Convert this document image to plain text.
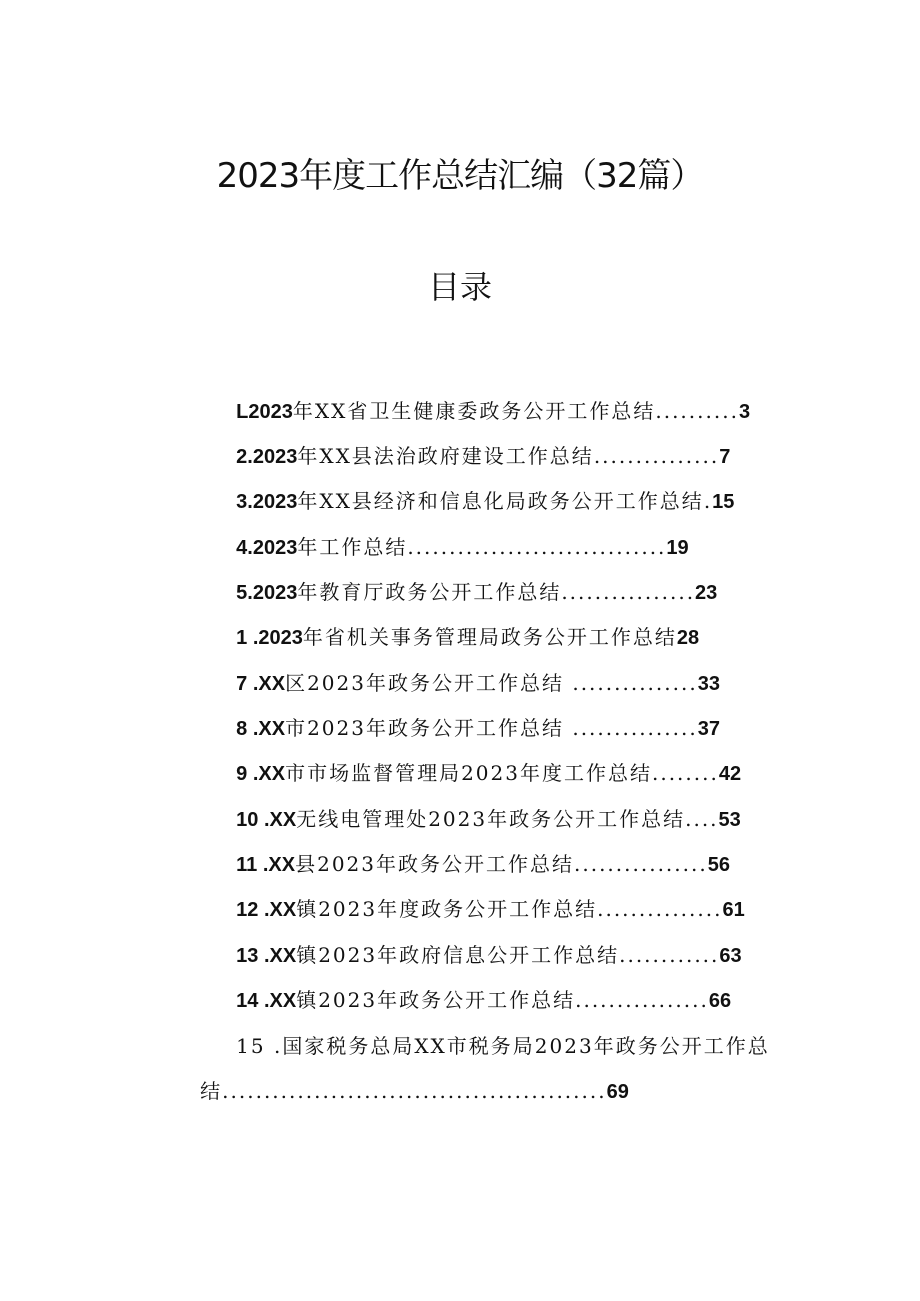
2023年度工作总结汇编（32篇）
目录

L2023年XX省卫生健康委政务公开工作总结..........3

2.2023年XX县法治政府建设工作总结...............7

3.2023年XX县经济和信息化局政务公开工作总结.15

4.2023年工作总结...............................19

5.2023年教育厅政务公开工作总结................23

1 .2023年省机关事务管理局政务公开工作总结28

7 .XX区2023年政务公开工作总结 ...............33

8 .XX市2023年政务公开工作总结 ...............37

9 .XX市市场监督管理局2023年度工作总结........42

10 .XX无线电管理处2023年政务公开工作总结....53

11 .XX县2023年政务公开工作总结................56

12 .XX镇2023年度政务公开工作总结...............61

13 .XX镇2023年政府信息公开工作总结............63

14 .XX镇2023年政务公开工作总结................66

15 .国家税务总局XX市税务局2023年政务公开工作总

结..............................................69
